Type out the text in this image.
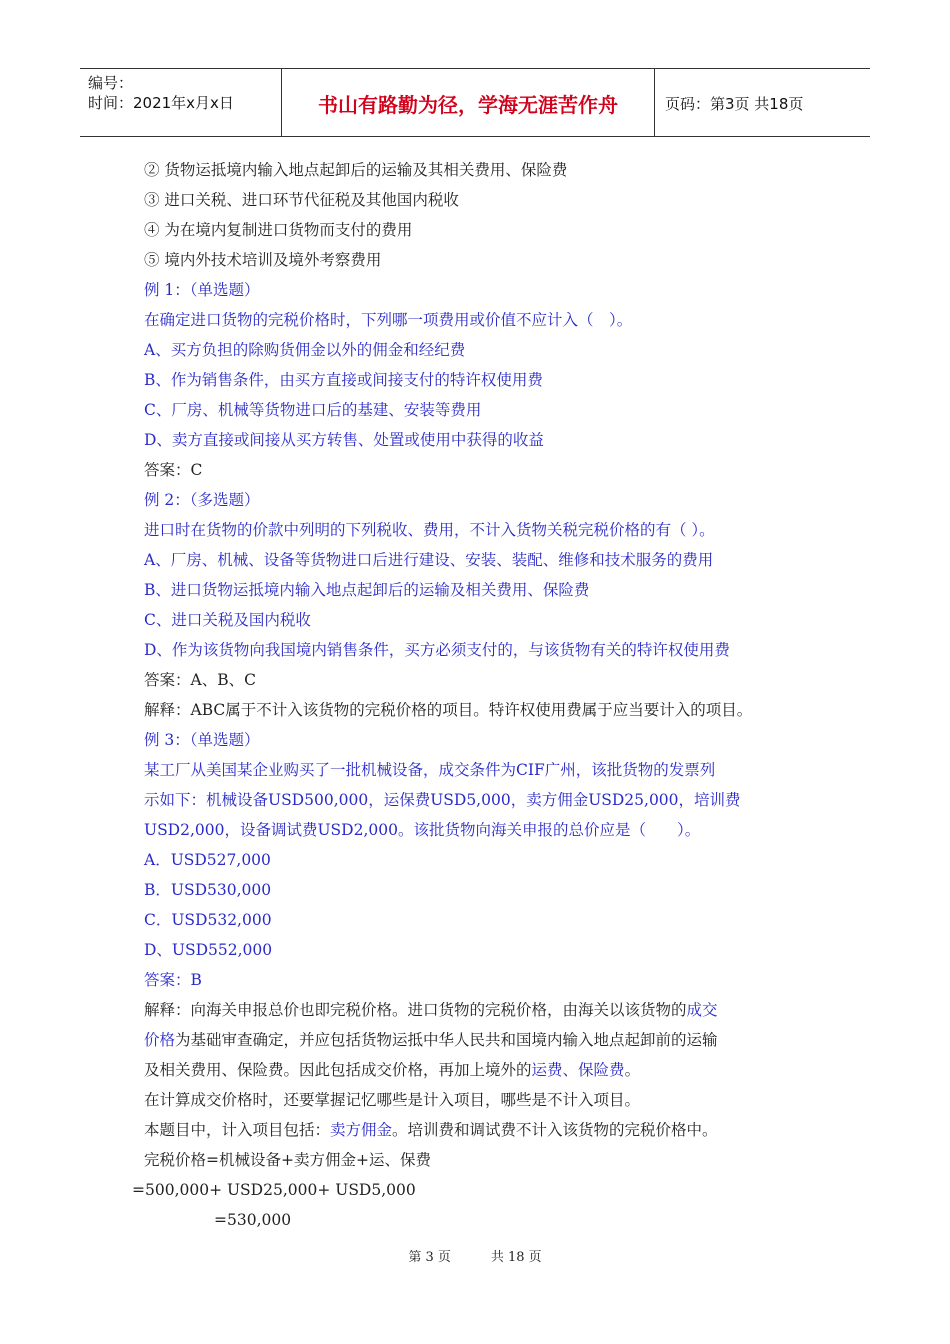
编号：
时间：2021年x月x日	书山有路勤为径，学海无涯苦作舟	页码：第3页 共18页
② 货物运抵境内输入地点起卸后的运输及其相关费用、保险费
③ 进口关税、进口环节代征税及其他国内税收
④ 为在境内复制进口货物而支付的费用
⑤ 境内外技术培训及境外考察费用
例 1：（单选题）
在确定进口货物的完税价格时，下列哪一项费用或价值不应计入（　）。
A、买方负担的除购货佣金以外的佣金和经纪费
B、作为销售条件，由买方直接或间接支付的特许权使用费
C、厂房、机械等货物进口后的基建、安装等费用
D、卖方直接或间接从买方转售、处置或使用中获得的收益
答案：C
例 2：（多选题）
进口时在货物的价款中列明的下列税收、费用，不计入货物关税完税价格的有（ ）。
A、厂房、机械、设备等货物进口后进行建设、安装、装配、维修和技术服务的费用
B、进口货物运抵境内输入地点起卸后的运输及相关费用、保险费
C、进口关税及国内税收
D、作为该货物向我国境内销售条件，买方必须支付的，与该货物有关的特许权使用费
答案：A、B、C
解释：ABC属于不计入该货物的完税价格的项目。特许权使用费属于应当要计入的项目。
例 3：（单选题）
某工厂从美国某企业购买了一批机械设备，成交条件为CIF广州，该批货物的发票列
示如下：机械设备USD500,000，运保费USD5,000，卖方佣金USD25,000，培训费
USD2,000，设备调试费USD2,000。该批货物向海关申报的总价应是（　　）。
A．USD527,000
B．USD530,000
C．USD532,000
D、USD552,000
答案：B
解释：向海关申报总价也即完税价格。进口货物的完税价格，由海关以该货物的成交
价格为基础审查确定，并应包括货物运抵中华人民共和国境内输入地点起卸前的运输
及相关费用、保险费。因此包括成交价格，再加上境外的运费、保险费。
在计算成交价格时，还要掌握记忆哪些是计入项目，哪些是不计入项目。
本题目中，计入项目包括：卖方佣金。培训费和调试费不计入该货物的完税价格中。
完税价格=机械设备+卖方佣金+运、保费
=500,000+ USD25,000+ USD5,000
=530,000
第 3 页	共 18 页
